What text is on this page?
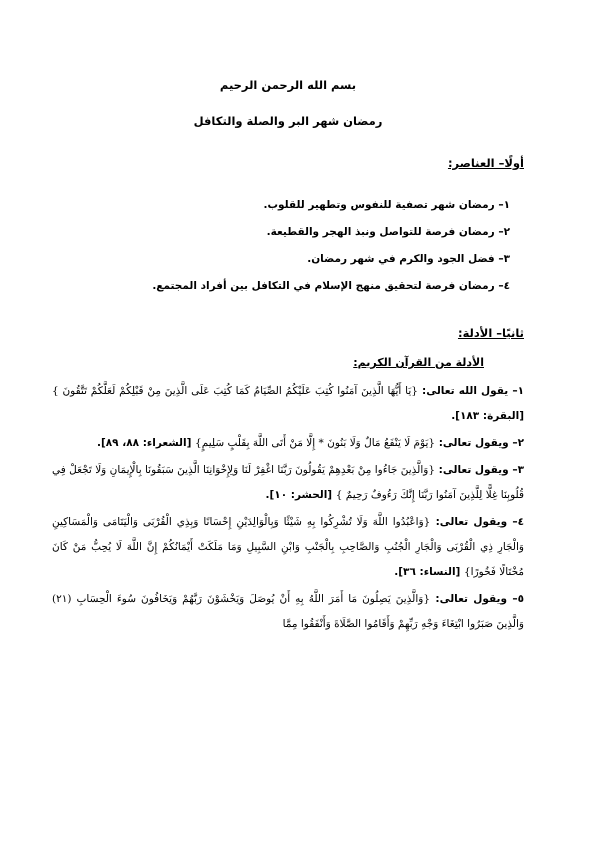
بسم الله الرحمن الرحيم
رمضان شهر البر والصلة والتكافل
أولًا– العناصر:
١– رمضان شهر تصفية للنفوس وتطهير للقلوب.
٢– رمضان فرصة للتواصل ونبذ الهجر والقطيعة.
٣– فضل الجود والكرم في شهر رمضان.
٤– رمضان فرصة لتحقيق منهج الإسلام في التكافل بين أفراد المجتمع.
ثانيًا– الأدلة:
الأدلة من القرآن الكريم:

١– يقول الله تعالى: {يَا أَيُّهَا الَّذِينَ آمَنُوا كُتِبَ عَلَيْكُمُ الصِّيَامُ كَمَا كُتِبَ عَلَى الَّذِينَ مِنْ قَبْلِكُمْ لَعَلَّكُمْ تَتَّقُونَ } [البقرة: ١٨٣].

٢– ويقول تعالى: {يَوْمَ لَا يَنْفَعُ مَالٌ وَلَا بَنُونَ * إِلَّا مَنْ أَتَى اللَّهَ بِقَلْبٍ سَلِيمٍ} [الشعراء: ٨٨، ٨٩].

٣– ويقول تعالى: {وَالَّذِينَ جَاءُوا مِنْ بَعْدِهِمْ يَقُولُونَ رَبَّنَا اغْفِرْ لَنَا وَلِإِخْوَانِنَا الَّذِينَ سَبَقُونَا بِالْإِيمَانِ وَلَا تَجْعَلْ فِي قُلُوبِنَا غِلًّا لِلَّذِينَ آمَنُوا رَبَّنَا إِنَّكَ رَءُوفٌ رَحِيمٌ } [الحشر: ١٠].

٤– ويقول تعالى: {وَاعْبُدُوا اللَّهَ وَلَا تُشْرِكُوا بِهِ شَيْئًا وَبِالْوَالِدَيْنِ إِحْسَانًا وَبِذِي الْقُرْبَى وَالْيَتَامَى وَالْمَسَاكِينِ وَالْجَارِ ذِي الْقُرْبَى وَالْجَارِ الْجُنُبِ وَالصَّاحِبِ بِالْجَنْبِ وَابْنِ السَّبِيلِ وَمَا مَلَكَتْ أَيْمَانُكُمْ إِنَّ اللَّهَ لَا يُحِبُّ مَنْ كَانَ مُخْتَالًا فَخُورًا} [النساء: ٣٦].

٥– ويقول تعالى: {وَالَّذِينَ يَصِلُونَ مَا أَمَرَ اللَّهُ بِهِ أَنْ يُوصَلَ وَيَخْشَوْنَ رَبَّهُمْ وَيَخَافُونَ سُوءَ الْحِسَابِ (٢١) وَالَّذِينَ صَبَرُوا ابْتِغَاءَ وَجْهِ رَبِّهِمْ وَأَقَامُوا الصَّلَاةَ وَأَنْفَقُوا مِمَّا
